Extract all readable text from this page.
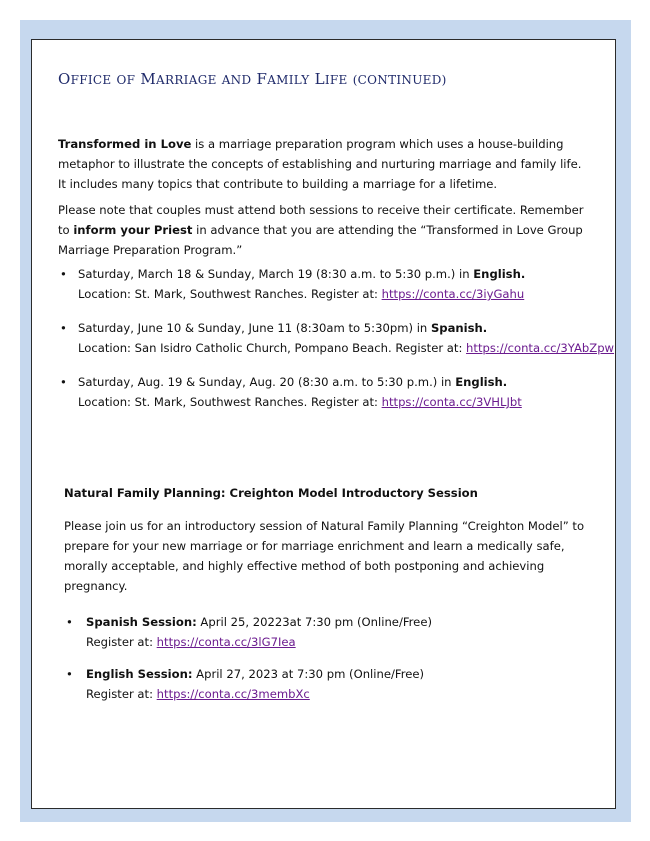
OFFICE OF MARRIAGE AND FAMILY LIFE (CONTINUED)

Transformed in Love is a marriage preparation program which uses a house-building metaphor to illustrate the concepts of establishing and nurturing marriage and family life. It includes many topics that contribute to building a marriage for a lifetime.

Please note that couples must attend both sessions to receive their certificate. Remember to inform your Priest in advance that you are attending the “Transformed in Love Group Marriage Preparation Program.”

• Saturday, March 18 & Sunday, March 19 (8:30 a.m. to 5:30 p.m.) in English.
Location: St. Mark, Southwest Ranches. Register at: https://conta.cc/3iyGahu
• Saturday, June 10 & Sunday, June 11 (8:30am to 5:30pm) in Spanish.
Location: San Isidro Catholic Church, Pompano Beach. Register at: https://conta.cc/3YAbZpw
• Saturday, Aug. 19 & Sunday, Aug. 20 (8:30 a.m. to 5:30 p.m.) in English.
Location: St. Mark, Southwest Ranches. Register at: https://conta.cc/3VHLJbt
Natural Family Planning: Creighton Model Introductory Session

Please join us for an introductory session of Natural Family Planning “Creighton Model” to prepare for your new marriage or for marriage enrichment and learn a medically safe, morally acceptable, and highly effective method of both postponing and achieving pregnancy.

• Spanish Session: April 25, 20223at 7:30 pm (Online/Free)
Register at: https://conta.cc/3lG7Iea
• English Session: April 27, 2023 at 7:30 pm (Online/Free)
Register at: https://conta.cc/3membXc
